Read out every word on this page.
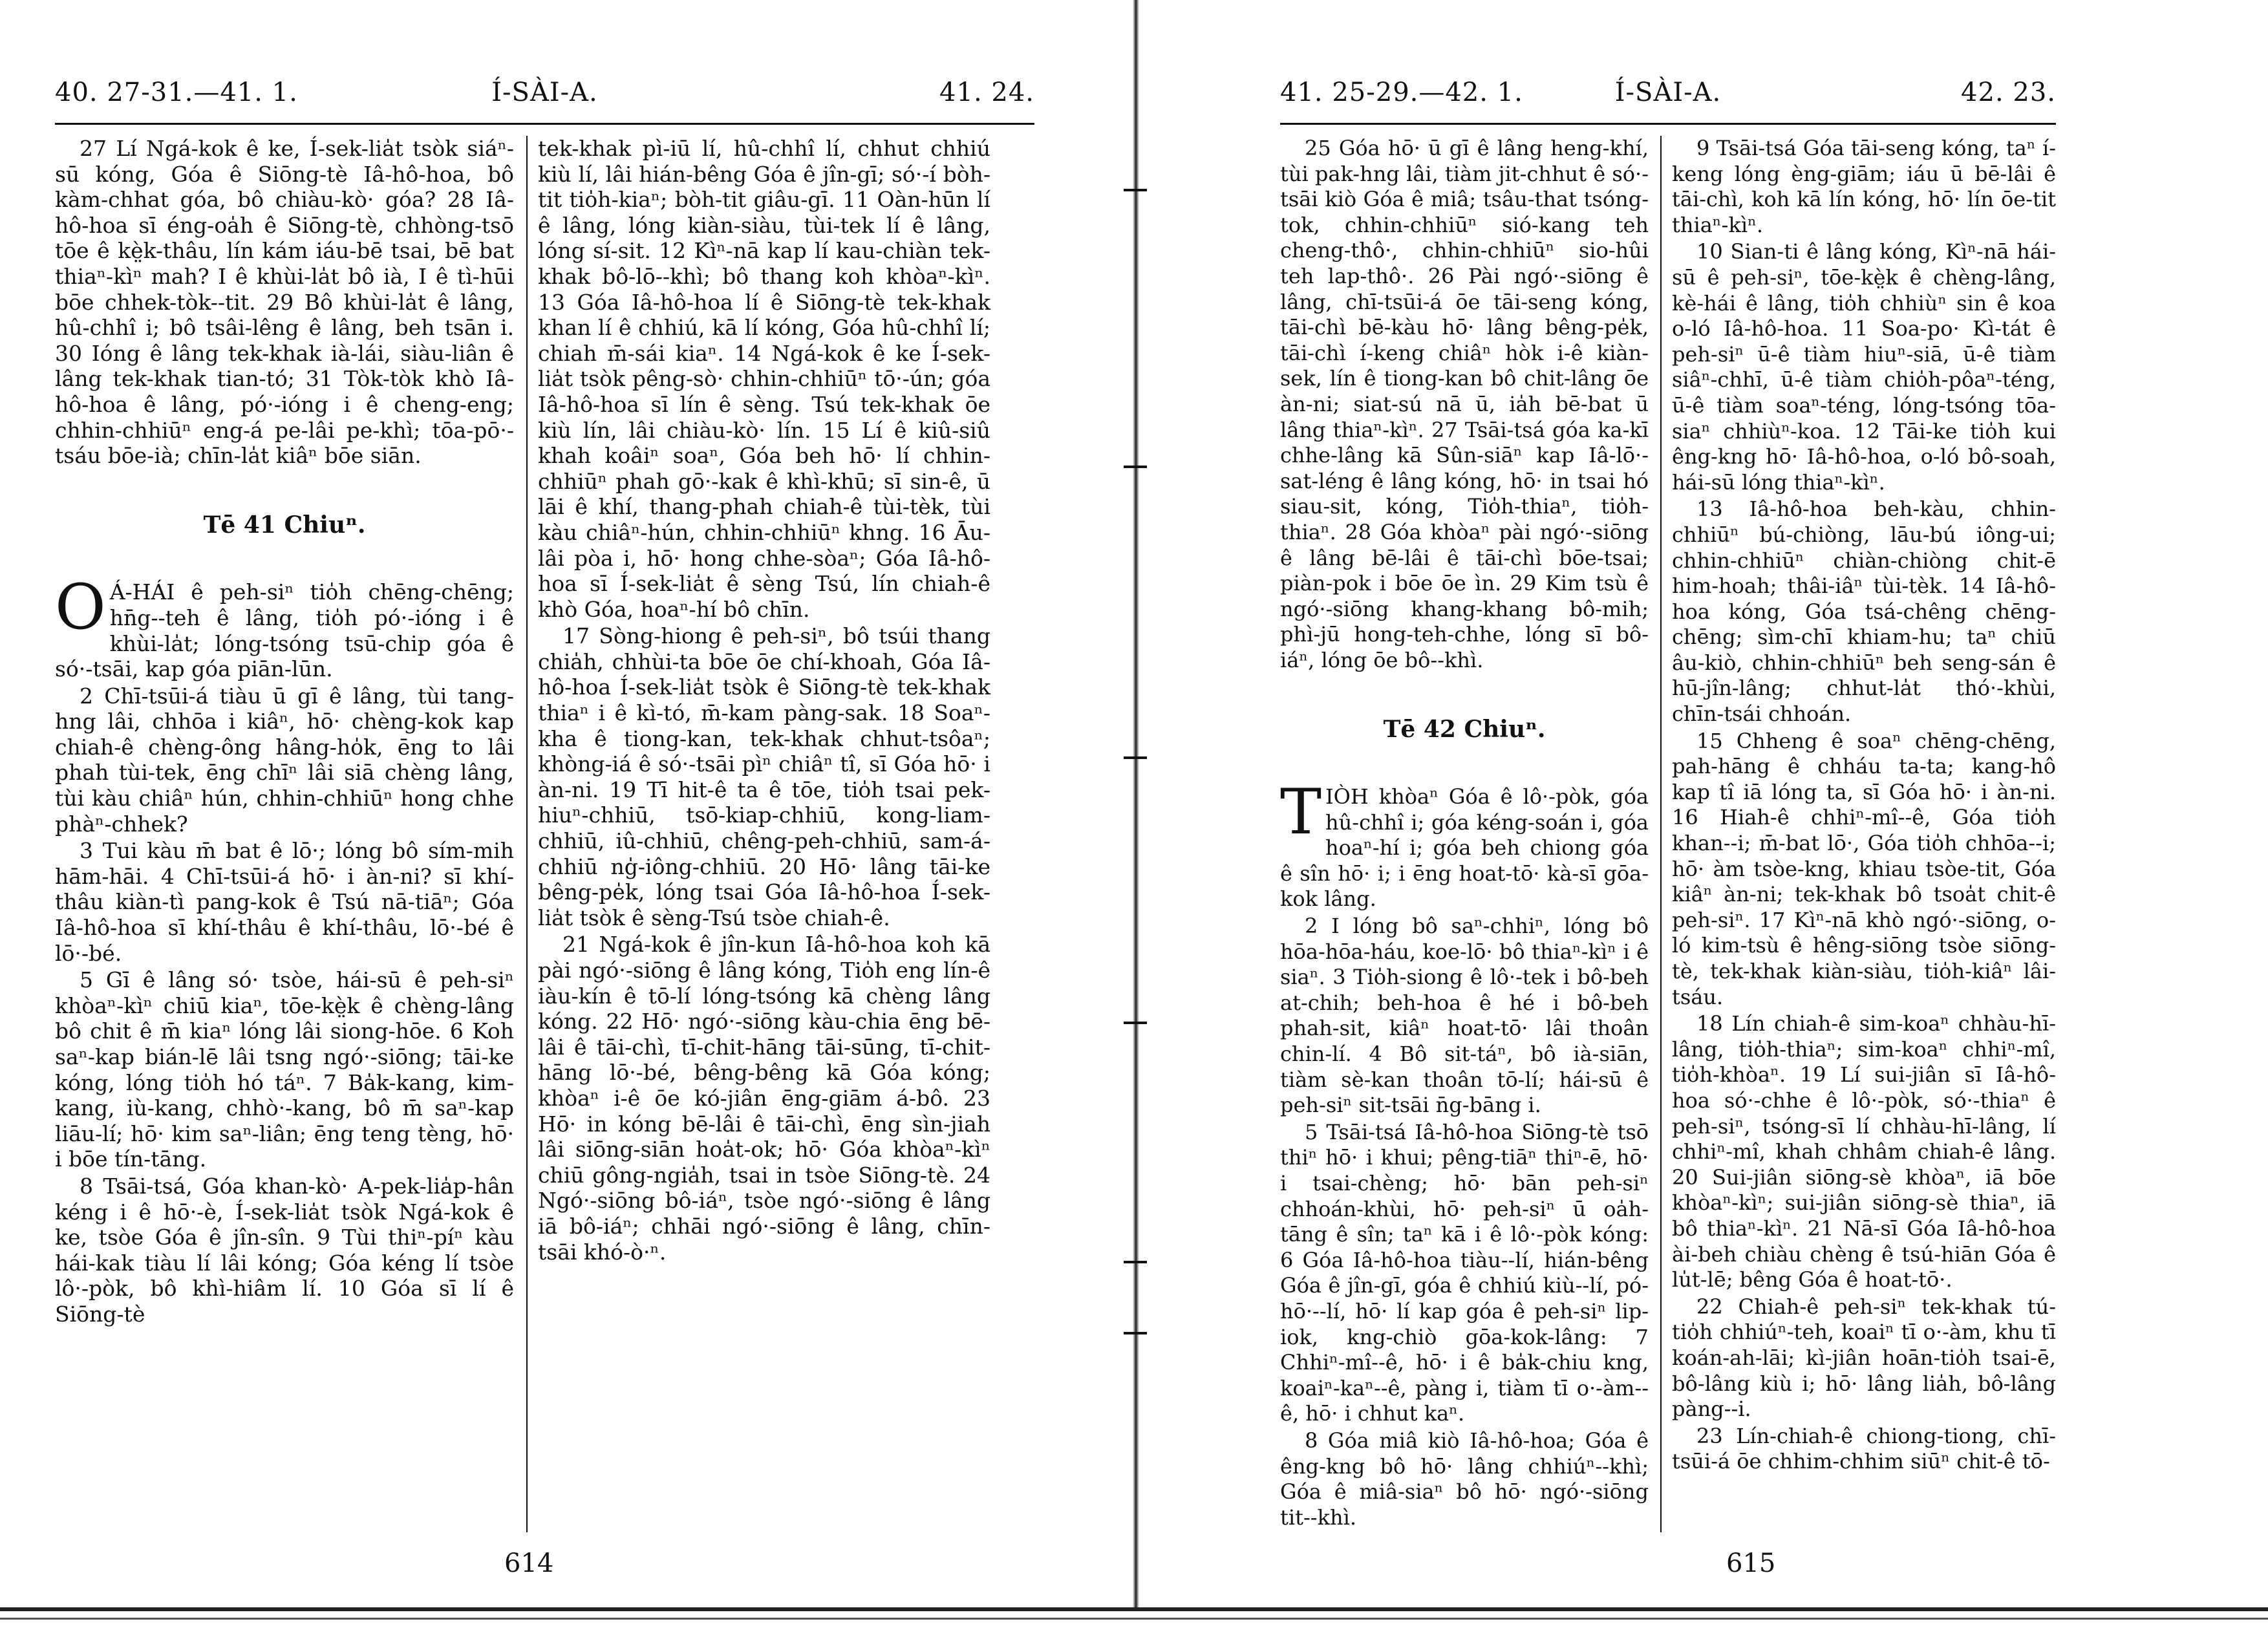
40. 27-31.—41. 1.	Í-SÀI-A.	41. 24.

27 Lí Ngá-kok ê ke, Í-sek-lia̍t tsòk siáⁿ-sū kóng, Góa ê Siōng-tè Iâ-hô-hoa, bô kàm-chhat góa, bô chiàu-kò· góa? 28 Iâ-hô-hoa sī éng-oa̍h ê Siōng-tè, chhòng-tsō tōe ê kè̤k-thâu, lín kám iáu-bē tsai, bē bat thiaⁿ-kìⁿ mah? I ê khùi-la̍t bô ià, I ê tì-hūi bōe chhek-tòk--tit. 29 Bô khùi-la̍t ê lâng, hû-chhî i; bô tsâi-lêng ê lâng, beh tsān i. 30 Ióng ê lâng tek-khak ià-lái, siàu-liân ê lâng tek-khak tian-tó; 31 Tòk-tòk khò Iâ-hô-hoa ê lâng, pó·-ióng i ê cheng-eng; chhin-chhiūⁿ eng-á pe-lâi pe-khì; tōa-pō·-tsáu bōe-ià; chīn-la̍t kiâⁿ bōe siān.

Tē 41 Chiuⁿ.

O Á-HÁI ê peh-siⁿ tio̍h chēng-chēng; hn̄g--teh ê lâng, tio̍h pó·-ióng i ê khùi-la̍t; lóng-tsóng tsū-chip góa ê só·-tsāi, kap góa piān-lūn.

2 Chī-tsūi-á tiàu ū gī ê lâng, tùi tang-hng lâi, chhōa i kiâⁿ, hō· chèng-kok kap chiah-ê chèng-ông hâng-ho̍k, ēng to lâi phah tùi-tek, ēng chīⁿ lâi siā chèng lâng, tùi kàu chiâⁿ hún, chhin-chhiūⁿ hong chhe phàⁿ-chhek?

3 Tui kàu m̄ bat ê lō·; lóng bô sím-mih hām-hāi. 4 Chī-tsūi-á hō· i àn-ni? sī khí-thâu kiàn-tì pang-kok ê Tsú nā-tiāⁿ; Góa Iâ-hô-hoa sī khí-thâu ê khí-thâu, lō·-bé ê lō·-bé.

5 Gī ê lâng só· tsòe, hái-sū ê peh-siⁿ khòaⁿ-kìⁿ chiū kiaⁿ, tōe-kè̤k ê chèng-lâng bô chit ê m̄ kiaⁿ lóng lâi siong-hōe. 6 Koh saⁿ-kap bián-lē lâi tsng ngó·-siōng; tāi-ke kóng, lóng tio̍h hó táⁿ. 7 Ba̍k-kang, kim-kang, iù-kang, chhò·-kang, bô m̄ saⁿ-kap liāu-lí; hō· kim saⁿ-liân; ēng teng tèng, hō· i bōe tín-tāng.

8 Tsāi-tsá, Góa khan-kò· A-pek-lia̍p-hân kéng i ê hō·-è, Í-sek-lia̍t tsòk Ngá-kok ê ke, tsòe Góa ê jîn-sîn. 9 Tùi thiⁿ-píⁿ kàu hái-kak tiàu lí lâi kóng; Góa kéng lí tsòe lô·-pòk, bô khì-hiâm lí. 10 Góa sī lí ê Siōng-tè

tek-khak pì-iū lí, hû-chhî lí, chhut chhiú kiù lí, lâi hián-bêng Góa ê jîn-gī; só·-í bòh-tit tio̍h-kiaⁿ; bòh-tit giâu-gī. 11 Oàn-hūn lí ê lâng, lóng kiàn-siàu, tùi-tek lí ê lâng, lóng sí-sit. 12 Kìⁿ-nā kap lí kau-chiàn tek-khak bô-lō--khì; bô thang koh khòaⁿ-kìⁿ. 13 Góa Iâ-hô-hoa lí ê Siōng-tè tek-khak khan lí ê chhiú, kā lí kóng, Góa hû-chhî lí; chiah m̄-sái kiaⁿ. 14 Ngá-kok ê ke Í-sek-lia̍t tsòk pêng-sò· chhin-chhiūⁿ tō·-ún; góa Iâ-hô-hoa sī lín ê sèng. Tsú tek-khak ōe kiù lín, lâi chiàu-kò· lín. 15 Lí ê kiû-siû khah koâiⁿ soaⁿ, Góa beh hō· lí chhin-chhiūⁿ phah gō·-kak ê khì-khū; sī sin-ê, ū lāi ê khí, thang-phah chiah-ê tùi-tèk, tùi kàu chiâⁿ-hún, chhin-chhiūⁿ khng. 16 Āu-lâi pòa i, hō· hong chhe-sòaⁿ; Góa Iâ-hô-hoa sī Í-sek-lia̍t ê sèng Tsú, lín chiah-ê khò Góa, hoaⁿ-hí bô chīn.

17 Sòng-hiong ê peh-siⁿ, bô tsúi thang chia̍h, chhùi-ta bōe ōe chí-khoah, Góa Iâ-hô-hoa Í-sek-lia̍t tsòk ê Siōng-tè tek-khak thiaⁿ i ê kì-tó, m̄-kam pàng-sak. 18 Soaⁿ-kha ê tiong-kan, tek-khak chhut-tsôaⁿ; khòng-iá ê só·-tsāi pìⁿ chiâⁿ tî, sī Góa hō· i àn-ni. 19 Tī hit-ê ta ê tōe, tio̍h tsai pek-hiuⁿ-chhiū, tsō-kiap-chhiū, kong-liam-chhiū, iû-chhiū, chêng-peh-chhiū, sam-á-chhiū ng̍-iông-chhiū. 20 Hō· lâng tāi-ke bêng-pe̍k, lóng tsai Góa Iâ-hô-hoa Í-sek-lia̍t tsòk ê sèng-Tsú tsòe chiah-ê.

21 Ngá-kok ê jîn-kun Iâ-hô-hoa koh kā pài ngó·-siōng ê lâng kóng, Tio̍h eng lín-ê iàu-kín ê tō-lí lóng-tsóng kā chèng lâng kóng. 22 Hō· ngó·-siōng kàu-chia ēng bē-lâi ê tāi-chì, tī-chit-hāng tāi-sūng, tī-chit-hāng lō·-bé, bêng-bêng kā Góa kóng; khòaⁿ i-ê ōe kó-jiân ēng-giām á-bô. 23 Hō· in kóng bē-lâi ê tāi-chì, ēng sìn-jiah lâi siōng-siān hoa̍t-ok; hō· Góa khòaⁿ-kìⁿ chiū gông-ngia̍h, tsai in tsòe Siōng-tè. 24 Ngó·-siōng bô-iáⁿ, tsòe ngó·-siōng ê lâng iā bô-iáⁿ; chhāi ngó·-siōng ê lâng, chīn-tsāi khó-ò·ⁿ.

614
41. 25-29.—42. 1.	Í-SÀI-A.	42. 23.

25 Góa hō· ū gī ê lâng heng-khí, tùi pak-hng lâi, tiàm jit-chhut ê só·-tsāi kiò Góa ê miâ; tsâu-that tsóng-tok, chhin-chhiūⁿ sió-kang teh cheng-thô·, chhin-chhiūⁿ sio-hûi teh lap-thô·. 26 Pài ngó·-siōng ê lâng, chī-tsūi-á ōe tāi-seng kóng, tāi-chì bē-kàu hō· lâng bêng-pe̍k, tāi-chì í-keng chiâⁿ hòk i-ê kiàn-sek, lín ê tiong-kan bô chit-lâng ōe àn-ni; siat-sú nā ū, ia̍h bē-bat ū lâng thiaⁿ-kìⁿ. 27 Tsāi-tsá góa ka-kī chhe-lâng kā Sûn-siāⁿ kap Iâ-lō·-sat-léng ê lâng kóng, hō· in tsai hó siau-sit, kóng, Tio̍h-thiaⁿ, tio̍h-thiaⁿ. 28 Góa khòaⁿ pài ngó·-siōng ê lâng bē-lâi ê tāi-chì bōe-tsai; piàn-pok i bōe ōe ìn. 29 Kim tsù ê ngó·-siōng khang-khang bô-mih; phì-jū hong-teh-chhe, lóng sī bô-iáⁿ, lóng ōe bô--khì.

Tē 42 Chiuⁿ.

TIÒH khòaⁿ Góa ê lô·-pòk, góa hû-chhî i; góa kéng-soán i, góa hoaⁿ-hí i; góa beh chiong góa ê sîn hō· i; i ēng hoat-tō· kà-sī gōa-kok lâng.

2 I lóng bô saⁿ-chhiⁿ, lóng bô hōa-hōa-háu, koe-lō· bô thiaⁿ-kìⁿ i ê siaⁿ. 3 Tio̍h-siong ê lô·-tek i bô-beh at-chih; beh-hoa ê hé i bô-beh phah-sit, kiâⁿ hoat-tō· lâi thoân chin-lí. 4 Bô sit-táⁿ, bô ià-siān, tiàm sè-kan thoân tō-lí; hái-sū ê peh-siⁿ sit-tsāi n̄g-bāng i.

5 Tsāi-tsá Iâ-hô-hoa Siōng-tè tsō thiⁿ hō· i khui; pêng-tiāⁿ thiⁿ-ē, hō· i tsai-chèng; hō· bān peh-siⁿ chhoán-khùi, hō· peh-siⁿ ū oa̍h-tāng ê sîn; taⁿ kā i ê lô·-pòk kóng: 6 Góa Iâ-hô-hoa tiàu--lí, hián-bêng Góa ê jîn-gī, góa ê chhiú kiù--lí, pó-hō·--lí, hō· lí kap góa ê peh-siⁿ lip-iok, kng-chiò gōa-kok-lâng: 7 Chhiⁿ-mî--ê, hō· i ê ba̍k-chiu kng, koaiⁿ-kaⁿ--ê, pàng i, tiàm tī o·-àm--ê, hō· i chhut kaⁿ.

8 Góa miâ kiò Iâ-hô-hoa; Góa ê êng-kng bô hō· lâng chhiúⁿ--khì; Góa ê miâ-siaⁿ bô hō· ngó·-siōng tit--khì.

9 Tsāi-tsá Góa tāi-seng kóng, taⁿ í-keng lóng èng-giām; iáu ū bē-lâi ê tāi-chì, koh kā lín kóng, hō· lín ōe-tit thiaⁿ-kìⁿ.

10 Sian-ti ê lâng kóng, Kìⁿ-nā hái-sū ê peh-siⁿ, tōe-kè̤k ê chèng-lâng, kè-hái ê lâng, tio̍h chhiùⁿ sin ê koa o-ló Iâ-hô-hoa. 11 Soa-po· Kì-tát ê peh-siⁿ ū-ê tiàm hiuⁿ-siā, ū-ê tiàm siâⁿ-chhī, ū-ê tiàm chio̍h-pôaⁿ-téng, ū-ê tiàm soaⁿ-téng, lóng-tsóng tōa-siaⁿ chhiùⁿ-koa. 12 Tāi-ke tio̍h kui êng-kng hō· Iâ-hô-hoa, o-ló bô-soah, hái-sū lóng thiaⁿ-kìⁿ.

13 Iâ-hô-hoa beh-kàu, chhin-chhiūⁿ bú-chiòng, lāu-bú iông-ui; chhin-chhiūⁿ chiàn-chiòng chit-ē him-hoah; thâi-iâⁿ tùi-tèk. 14 Iâ-hô-hoa kóng, Góa tsá-chêng chēng-chēng; sìm-chī khiam-hu; taⁿ chiū âu-kiò, chhin-chhiūⁿ beh seng-sán ê hū-jîn-lâng; chhut-la̍t thó·-khùi, chīn-tsái chhoán.

15 Chheng ê soaⁿ chēng-chēng, pah-hāng ê chháu ta-ta; kang-hô kap tî iā lóng ta, sī Góa hō· i àn-ni. 16 Hiah-ê chhiⁿ-mî--ê, Góa tio̍h khan--i; m̄-bat lō·, Góa tio̍h chhōa--i; hō· àm tsòe-kng, khiau tsòe-tit, Góa kiâⁿ àn-ni; tek-khak bô tsoa̍t chit-ê peh-siⁿ. 17 Kìⁿ-nā khò ngó·-siōng, o-ló kim-tsù ê hêng-siōng tsòe siōng-tè, tek-khak kiàn-siàu, tio̍h-kiâⁿ lâi-tsáu.

18 Lín chiah-ê sim-koaⁿ chhàu-hī-lâng, tio̍h-thiaⁿ; sim-koaⁿ chhiⁿ-mî, tio̍h-khòaⁿ. 19 Lí sui-jiân sī Iâ-hô-hoa só·-chhe ê lô·-pòk, só·-thiaⁿ ê peh-siⁿ, tsóng-sī lí chhàu-hī-lâng, lí chhiⁿ-mî, khah chhâm chiah-ê lâng. 20 Sui-jiân siōng-sè khòaⁿ, iā bōe khòaⁿ-kìⁿ; sui-jiân siōng-sè thiaⁿ, iā bô thiaⁿ-kìⁿ. 21 Nā-sī Góa Iâ-hô-hoa ài-beh chiàu chèng ê tsú-hiān Góa ê lu̍t-lē; bêng Góa ê hoat-tō·.

22 Chiah-ê peh-siⁿ tek-khak tú-tio̍h chhiúⁿ-teh, koaiⁿ tī o·-àm, khu tī koán-ah-lāi; kì-jiân hoān-tio̍h tsai-ē, bô-lâng kiù i; hō· lâng lia̍h, bô-lâng pàng--i.

23 Lín-chiah-ê chiong-tiong, chī-tsūi-á ōe chhim-chhim siūⁿ chit-ê tō-

615
